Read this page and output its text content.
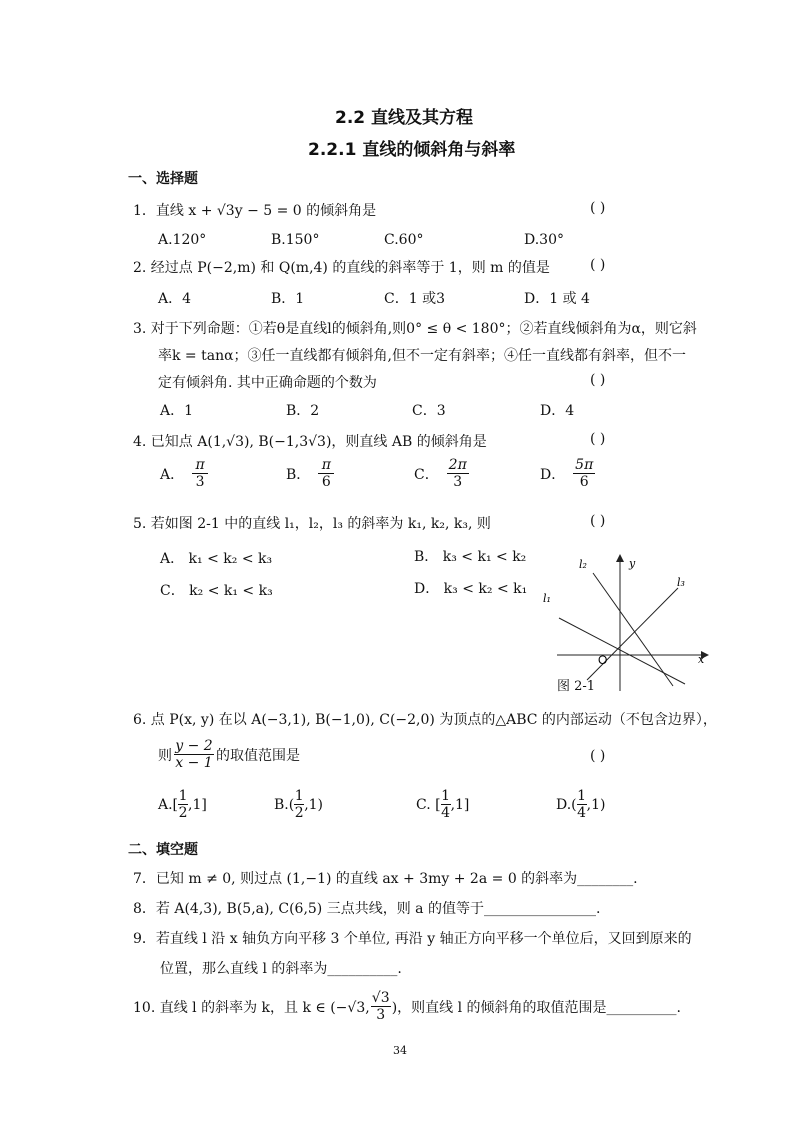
2.2 直线及其方程
2.2.1 直线的倾斜角与斜率
一、选择题
1．直线 x + √3y − 5 = 0 的倾斜角是	( )
A.120°	B.150°	C.60°	D.30°
2. 经过点 P(−2,m) 和 Q(m,4) 的直线的斜率等于 1，则 m 的值是	( )
A．4	B．1	C．1 或3	D．1 或 4
3. 对于下列命题：①若θ是直线l的倾斜角,则0° ≤ θ < 180°；②若直线倾斜角为α，则它斜
率k = tanα；③任一直线都有倾斜角,但不一定有斜率；④任一直线都有斜率，但不一
定有倾斜角. 其中正确命题的个数为	( )
A．1	B．2	C．3	D．4
4. 已知点 A(1,√3), B(−1,3√3)，则直线 AB 的倾斜角是	( )
A．
π
3	B．
π
6	C．
2π
3	D．
5π
6
5. 若如图 2-1 中的直线 l₁，l₂，l₃ 的斜率为 k₁, k₂, k₃, 则	( )
A． k₁ < k₂ < k₃	B． k₃ < k₁ < k₂
C． k₂ < k₁ < k₃	D． k₃ < k₂ < k₁
l₂
l₃
l₁
y
x
O
图 2-1
6. 点 P(x, y) 在以 A(−3,1), B(−1,0), C(−2,0) 为顶点的△ABC 的内部运动（不包含边界），
则
y − 2
x − 1 的取值范围是	( )
A.[
1
2
,1]	B.(
1
2
,1)	C. [
1
4
,1]	D.(
1
4
,1)
二、填空题
7．已知 m ≠ 0, 则过点 (1,−1) 的直线 ax + 3my + 2a = 0 的斜率为________.
8．若 A(4,3), B(5,a), C(6,5) 三点共线，则 a 的值等于________________.
9．若直线 l 沿 x 轴负方向平移 3 个单位, 再沿 y 轴正方向平移一个单位后，又回到原来的
位置，那么直线 l 的斜率为__________.
10. 直线 l 的斜率为 k，且 k ∈ (−√3,
√3
3 )，则直线 l 的倾斜角的取值范围是__________.
34
